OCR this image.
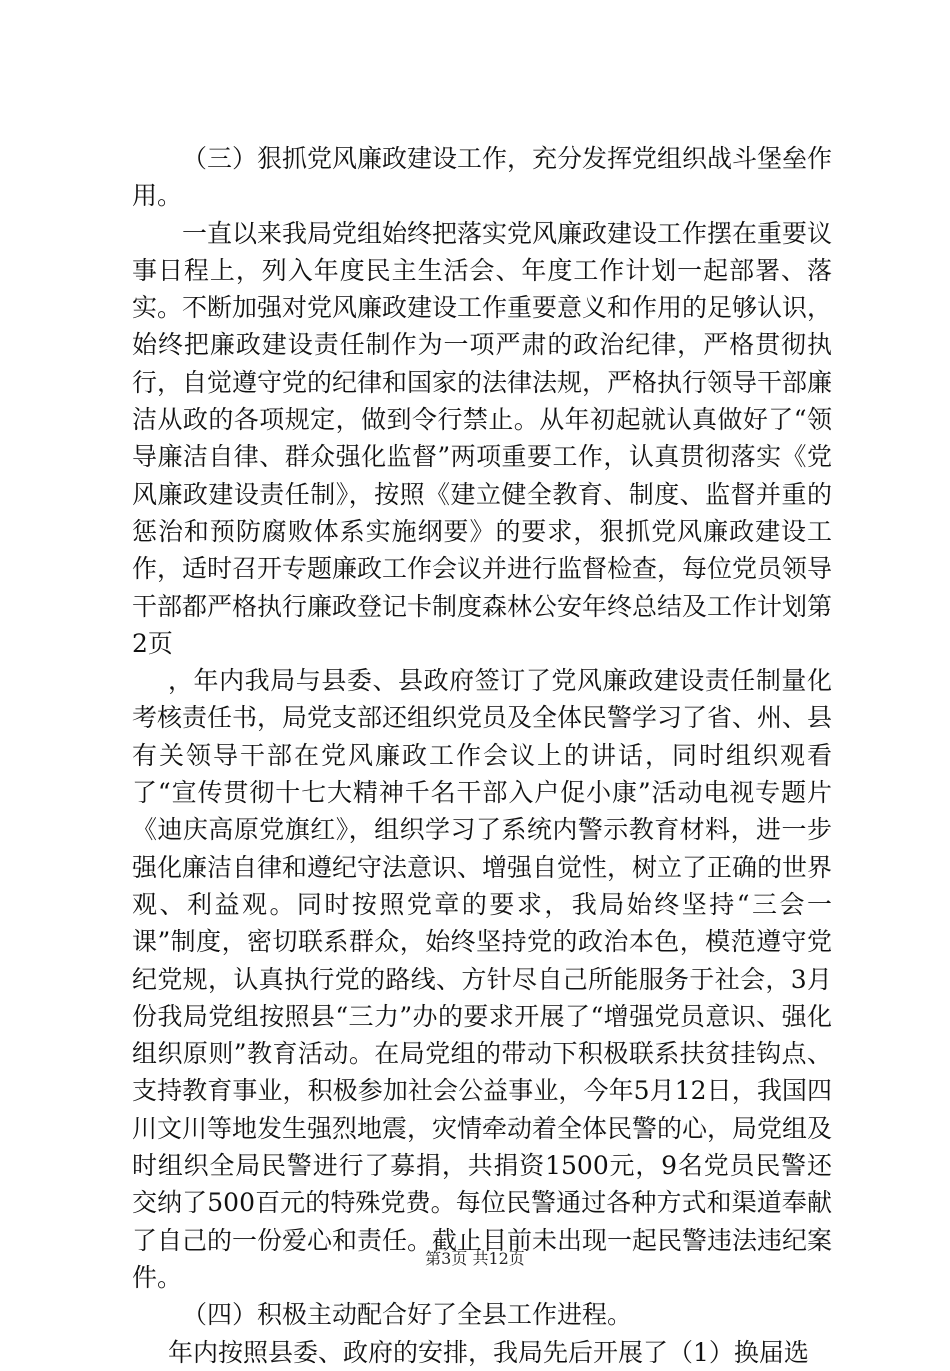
（三）狠抓党风廉政建设工作，充分发挥党组织战斗堡垒作用。

一直以来我局党组始终把落实党风廉政建设工作摆在重要议事日程上，列入年度民主生活会、年度工作计划一起部署、落实。不断加强对党风廉政建设工作重要意义和作用的足够认识，始终把廉政建设责任制作为一项严肃的政治纪律，严格贯彻执行，自觉遵守党的纪律和国家的法律法规，严格执行领导干部廉洁从政的各项规定，做到令行禁止。从年初起就认真做好了“领导廉洁自律、群众强化监督”两项重要工作，认真贯彻落实《党风廉政建设责任制》，按照《建立健全教育、制度、监督并重的惩治和预防腐败体系实施纲要》的要求，狠抓党风廉政建设工作，适时召开专题廉政工作会议并进行监督检查，每位党员领导干部都严格执行廉政登记卡制度森林公安年终总结及工作计划第2页

，年内我局与县委、县政府签订了党风廉政建设责任制量化考核责任书，局党支部还组织党员及全体民警学习了省、州、县有关领导干部在党风廉政工作会议上的讲话，同时组织观看了“宣传贯彻十七大精神千名干部入户促小康”活动电视专题片《迪庆高原党旗红》，组织学习了系统内警示教育材料，进一步强化廉洁自律和遵纪守法意识、增强自觉性，树立了正确的世界观、利益观。同时按照党章的要求，我局始终坚持“三会一课”制度，密切联系群众，始终坚持党的政治本色，模范遵守党纪党规，认真执行党的路线、方针尽自己所能服务于社会，3月份我局党组按照县“三力”办的要求开展了“增强党员意识、强化组织原则”教育活动。在局党组的带动下积极联系扶贫挂钩点、支持教育事业，积极参加社会公益事业，今年5月12日，我国四川文川等地发生强烈地震，灾情牵动着全体民警的心，局党组及时组织全局民警进行了募捐，共捐资1500元，9名党员民警还交纳了500百元的特殊党费。每位民警通过各种方式和渠道奉献了自己的一份爱心和责任。截止目前未出现一起民警违法违纪案件。

（四）积极主动配合好了全县工作进程。

年内按照县委、政府的安排，我局先后开展了（1）换届选

第3页 共12页
